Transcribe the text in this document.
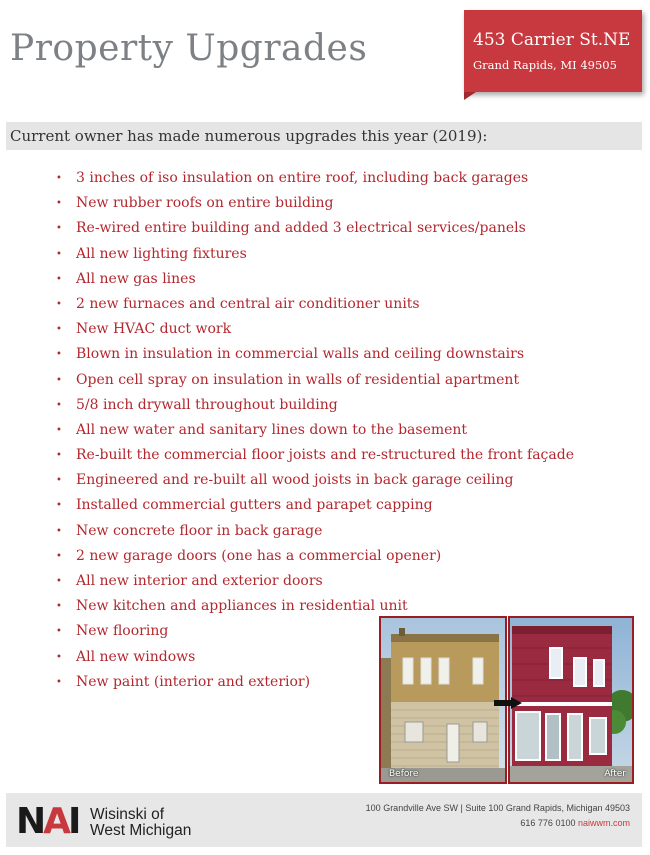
Property Upgrades	453 Carrier St.NE
Grand Rapids, MI 49505
Current owner has made numerous upgrades this year (2019):
• 3 inches of iso insulation on entire roof, including back garages
• New rubber roofs on entire building
• Re-wired entire building and added 3 electrical services/panels
• All new lighting fixtures
• All new gas lines
• 2 new furnaces and central air conditioner units
• New HVAC duct work
• Blown in insulation in commercial walls and ceiling downstairs
• Open cell spray on insulation in walls of residential apartment
• 5/8 inch drywall throughout building
• All new water and sanitary lines down to the basement
• Re-built the commercial floor joists and re-structured the front façade
• Engineered and re-built all wood joists in back garage ceiling
• Installed commercial gutters and parapet capping
• New concrete floor in back garage
• 2 new garage doors (one has a commercial opener)
• All new interior and exterior doors
• New kitchen and appliances in residential unit
• New flooring
• All new windows
• New paint (interior and exterior)
Before	After
NAI Wisinski of
West Michigan
100 Grandville Ave SW | Suite 100 Grand Rapids, Michigan 49503
616 776 0100 naiwwm.com
